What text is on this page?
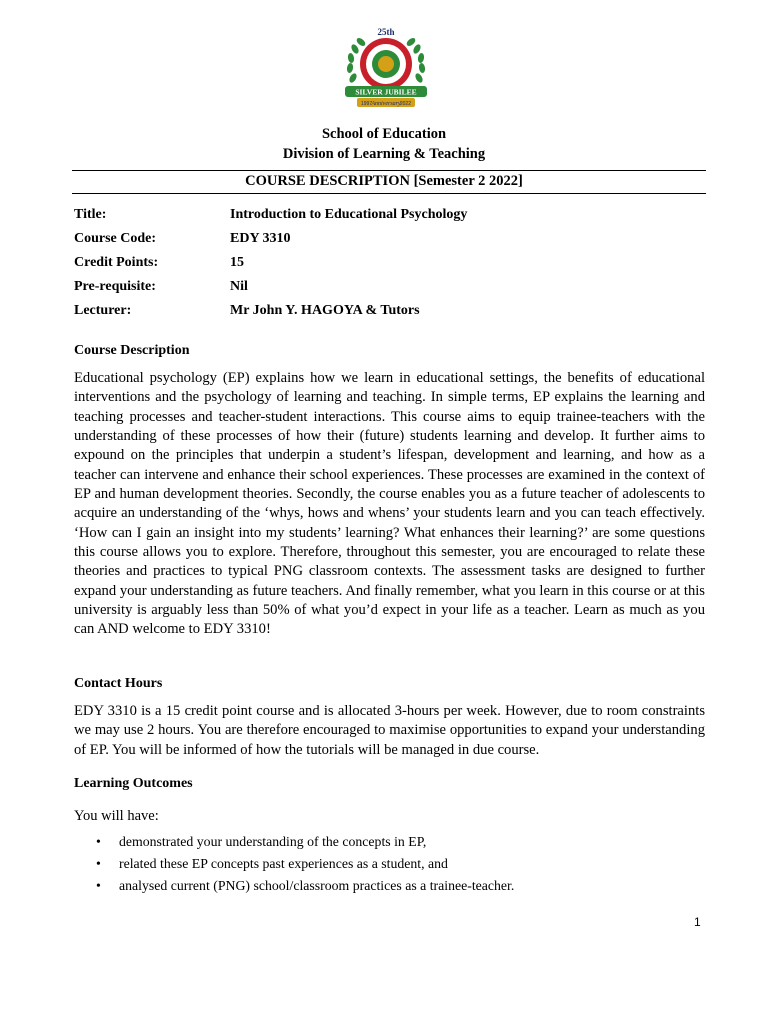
25th
SILVER JUBILEE
1997 Anniversary 2022
School of Education
Division of Learning & Teaching
COURSE DESCRIPTION [Semester 2 2022]
Title:	Introduction to Educational Psychology
Course Code:	EDY 3310
Credit Points:	15
Pre-requisite:	Nil
Lecturer:	Mr John Y. HAGOYA & Tutors
Course Description
Educational psychology (EP) explains how we learn in educational settings, the benefits of educational interventions and the psychology of learning and teaching. In simple terms, EP explains the learning and teaching processes and teacher-student interactions. This course aims to equip trainee-teachers with the understanding of these processes of how their (future) students learning and develop. It further aims to expound on the principles that underpin a student’s lifespan, development and learning, and how as a teacher can intervene and enhance their school experiences. These processes are examined in the context of EP and human development theories. Secondly, the course enables you as a future teacher of adolescents to acquire an understanding of the ‘whys, hows and whens’ your students learn and you can teach effectively. ‘How can I gain an insight into my students’ learning? What enhances their learning?’ are some questions this course allows you to explore. Therefore, throughout this semester, you are encouraged to relate these theories and practices to typical PNG classroom contexts. The assessment tasks are designed to further expand your understanding as future teachers. And finally remember, what you learn in this course or at this university is arguably less than 50% of what you’d expect in your life as a teacher. Learn as much as you can AND welcome to EDY 3310!
Contact Hours
EDY 3310 is a 15 credit point course and is allocated 3-hours per week. However, due to room constraints we may use 2 hours. You are therefore encouraged to maximise opportunities to expand your understanding of EP. You will be informed of how the tutorials will be managed in due course.
Learning Outcomes
You will have:
• demonstrated your understanding of the concepts in EP,
• related these EP concepts past experiences as a student, and
• analysed current (PNG) school/classroom practices as a trainee-teacher.
1
